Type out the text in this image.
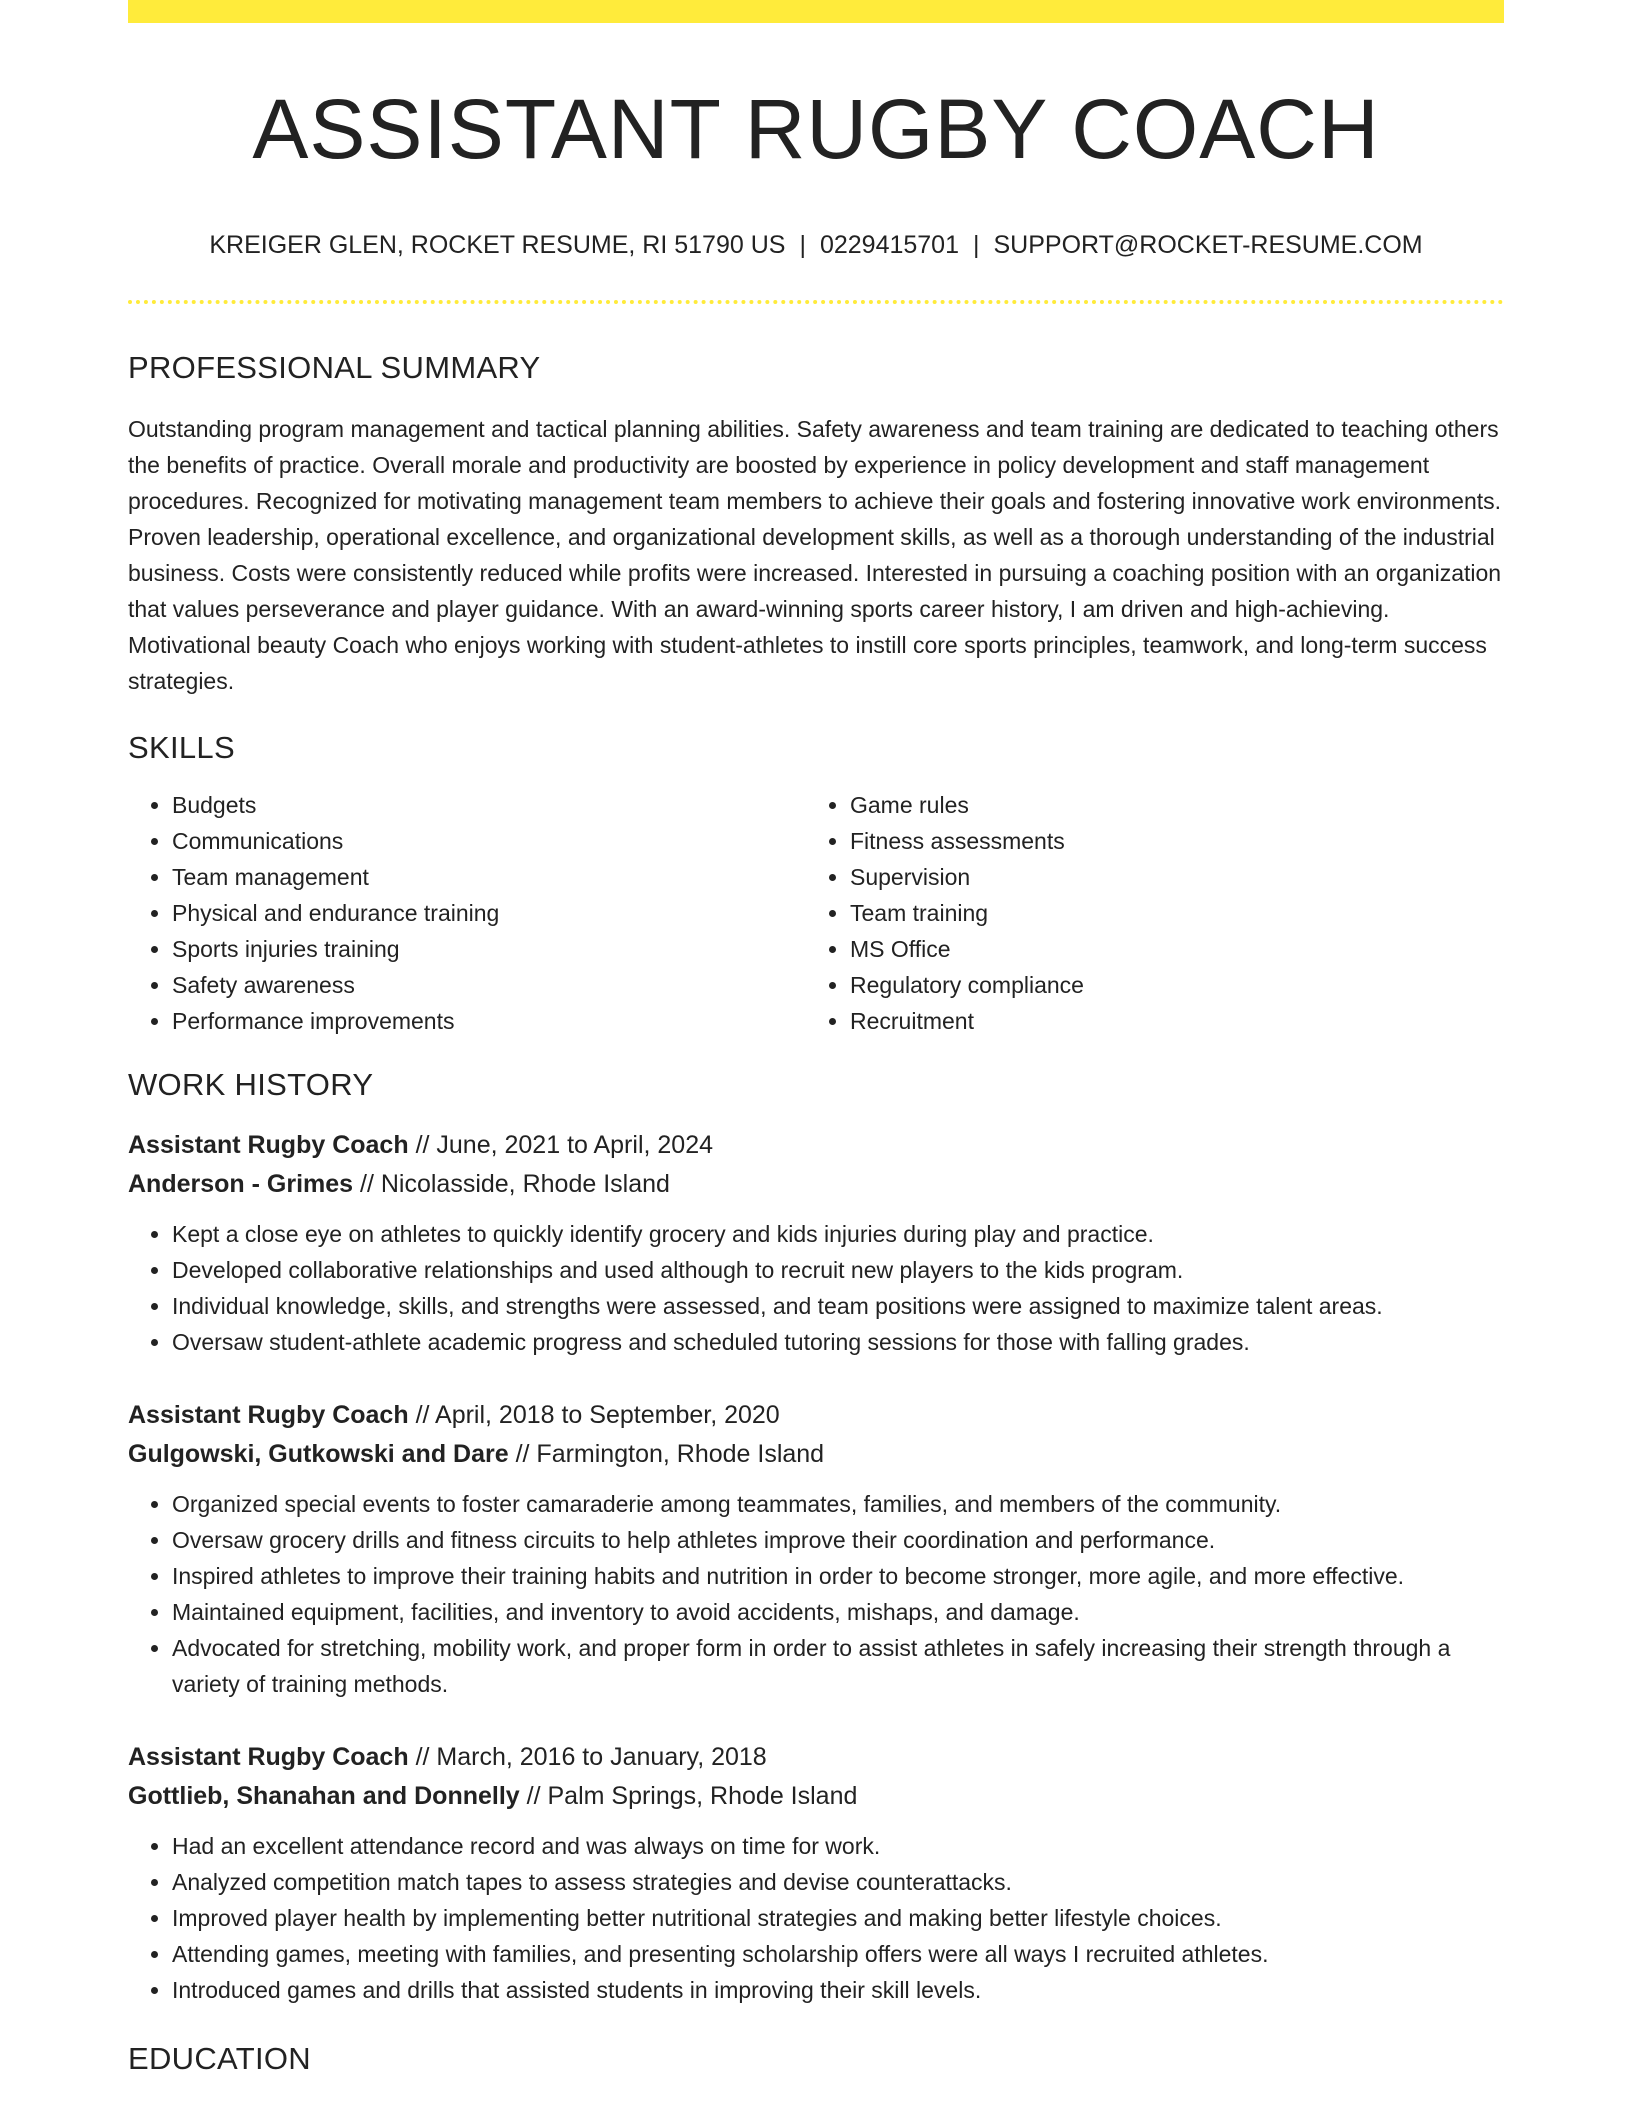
ASSISTANT RUGBY COACH
KREIGER GLEN, ROCKET RESUME, RI 51790 US | 0229415701 | SUPPORT@ROCKET-RESUME.COM
PROFESSIONAL SUMMARY

Outstanding program management and tactical planning abilities. Safety awareness and team training are dedicated to teaching others the benefits of practice. Overall morale and productivity are boosted by experience in policy development and staff management procedures. Recognized for motivating management team members to achieve their goals and fostering innovative work environments. Proven leadership, operational excellence, and organizational development skills, as well as a thorough understanding of the industrial business. Costs were consistently reduced while profits were increased. Interested in pursuing a coaching position with an organization that values perseverance and player guidance. With an award-winning sports career history, I am driven and high-achieving. Motivational beauty Coach who enjoys working with student-athletes to instill core sports principles, teamwork, and long-term success strategies.

SKILLS
• Budgets
• Communications
• Team management
• Physical and endurance training
• Sports injuries training
• Safety awareness
• Performance improvements
• Game rules
• Fitness assessments
• Supervision
• Team training
• MS Office
• Regulatory compliance
• Recruitment
WORK HISTORY
Assistant Rugby Coach // June, 2021 to April, 2024
Anderson - Grimes // Nicolasside, Rhode Island
• Kept a close eye on athletes to quickly identify grocery and kids injuries during play and practice.
• Developed collaborative relationships and used although to recruit new players to the kids program.
• Individual knowledge, skills, and strengths were assessed, and team positions were assigned to maximize talent areas.
• Oversaw student-athlete academic progress and scheduled tutoring sessions for those with falling grades.
Assistant Rugby Coach // April, 2018 to September, 2020
Gulgowski, Gutkowski and Dare // Farmington, Rhode Island
• Organized special events to foster camaraderie among teammates, families, and members of the community.
• Oversaw grocery drills and fitness circuits to help athletes improve their coordination and performance.
• Inspired athletes to improve their training habits and nutrition in order to become stronger, more agile, and more effective.
• Maintained equipment, facilities, and inventory to avoid accidents, mishaps, and damage.
• Advocated for stretching, mobility work, and proper form in order to assist athletes in safely increasing their strength through a variety of training methods.
Assistant Rugby Coach // March, 2016 to January, 2018
Gottlieb, Shanahan and Donnelly // Palm Springs, Rhode Island
• Had an excellent attendance record and was always on time for work.
• Analyzed competition match tapes to assess strategies and devise counterattacks.
• Improved player health by implementing better nutritional strategies and making better lifestyle choices.
• Attending games, meeting with families, and presenting scholarship offers were all ways I recruited athletes.
• Introduced games and drills that assisted students in improving their skill levels.
EDUCATION
